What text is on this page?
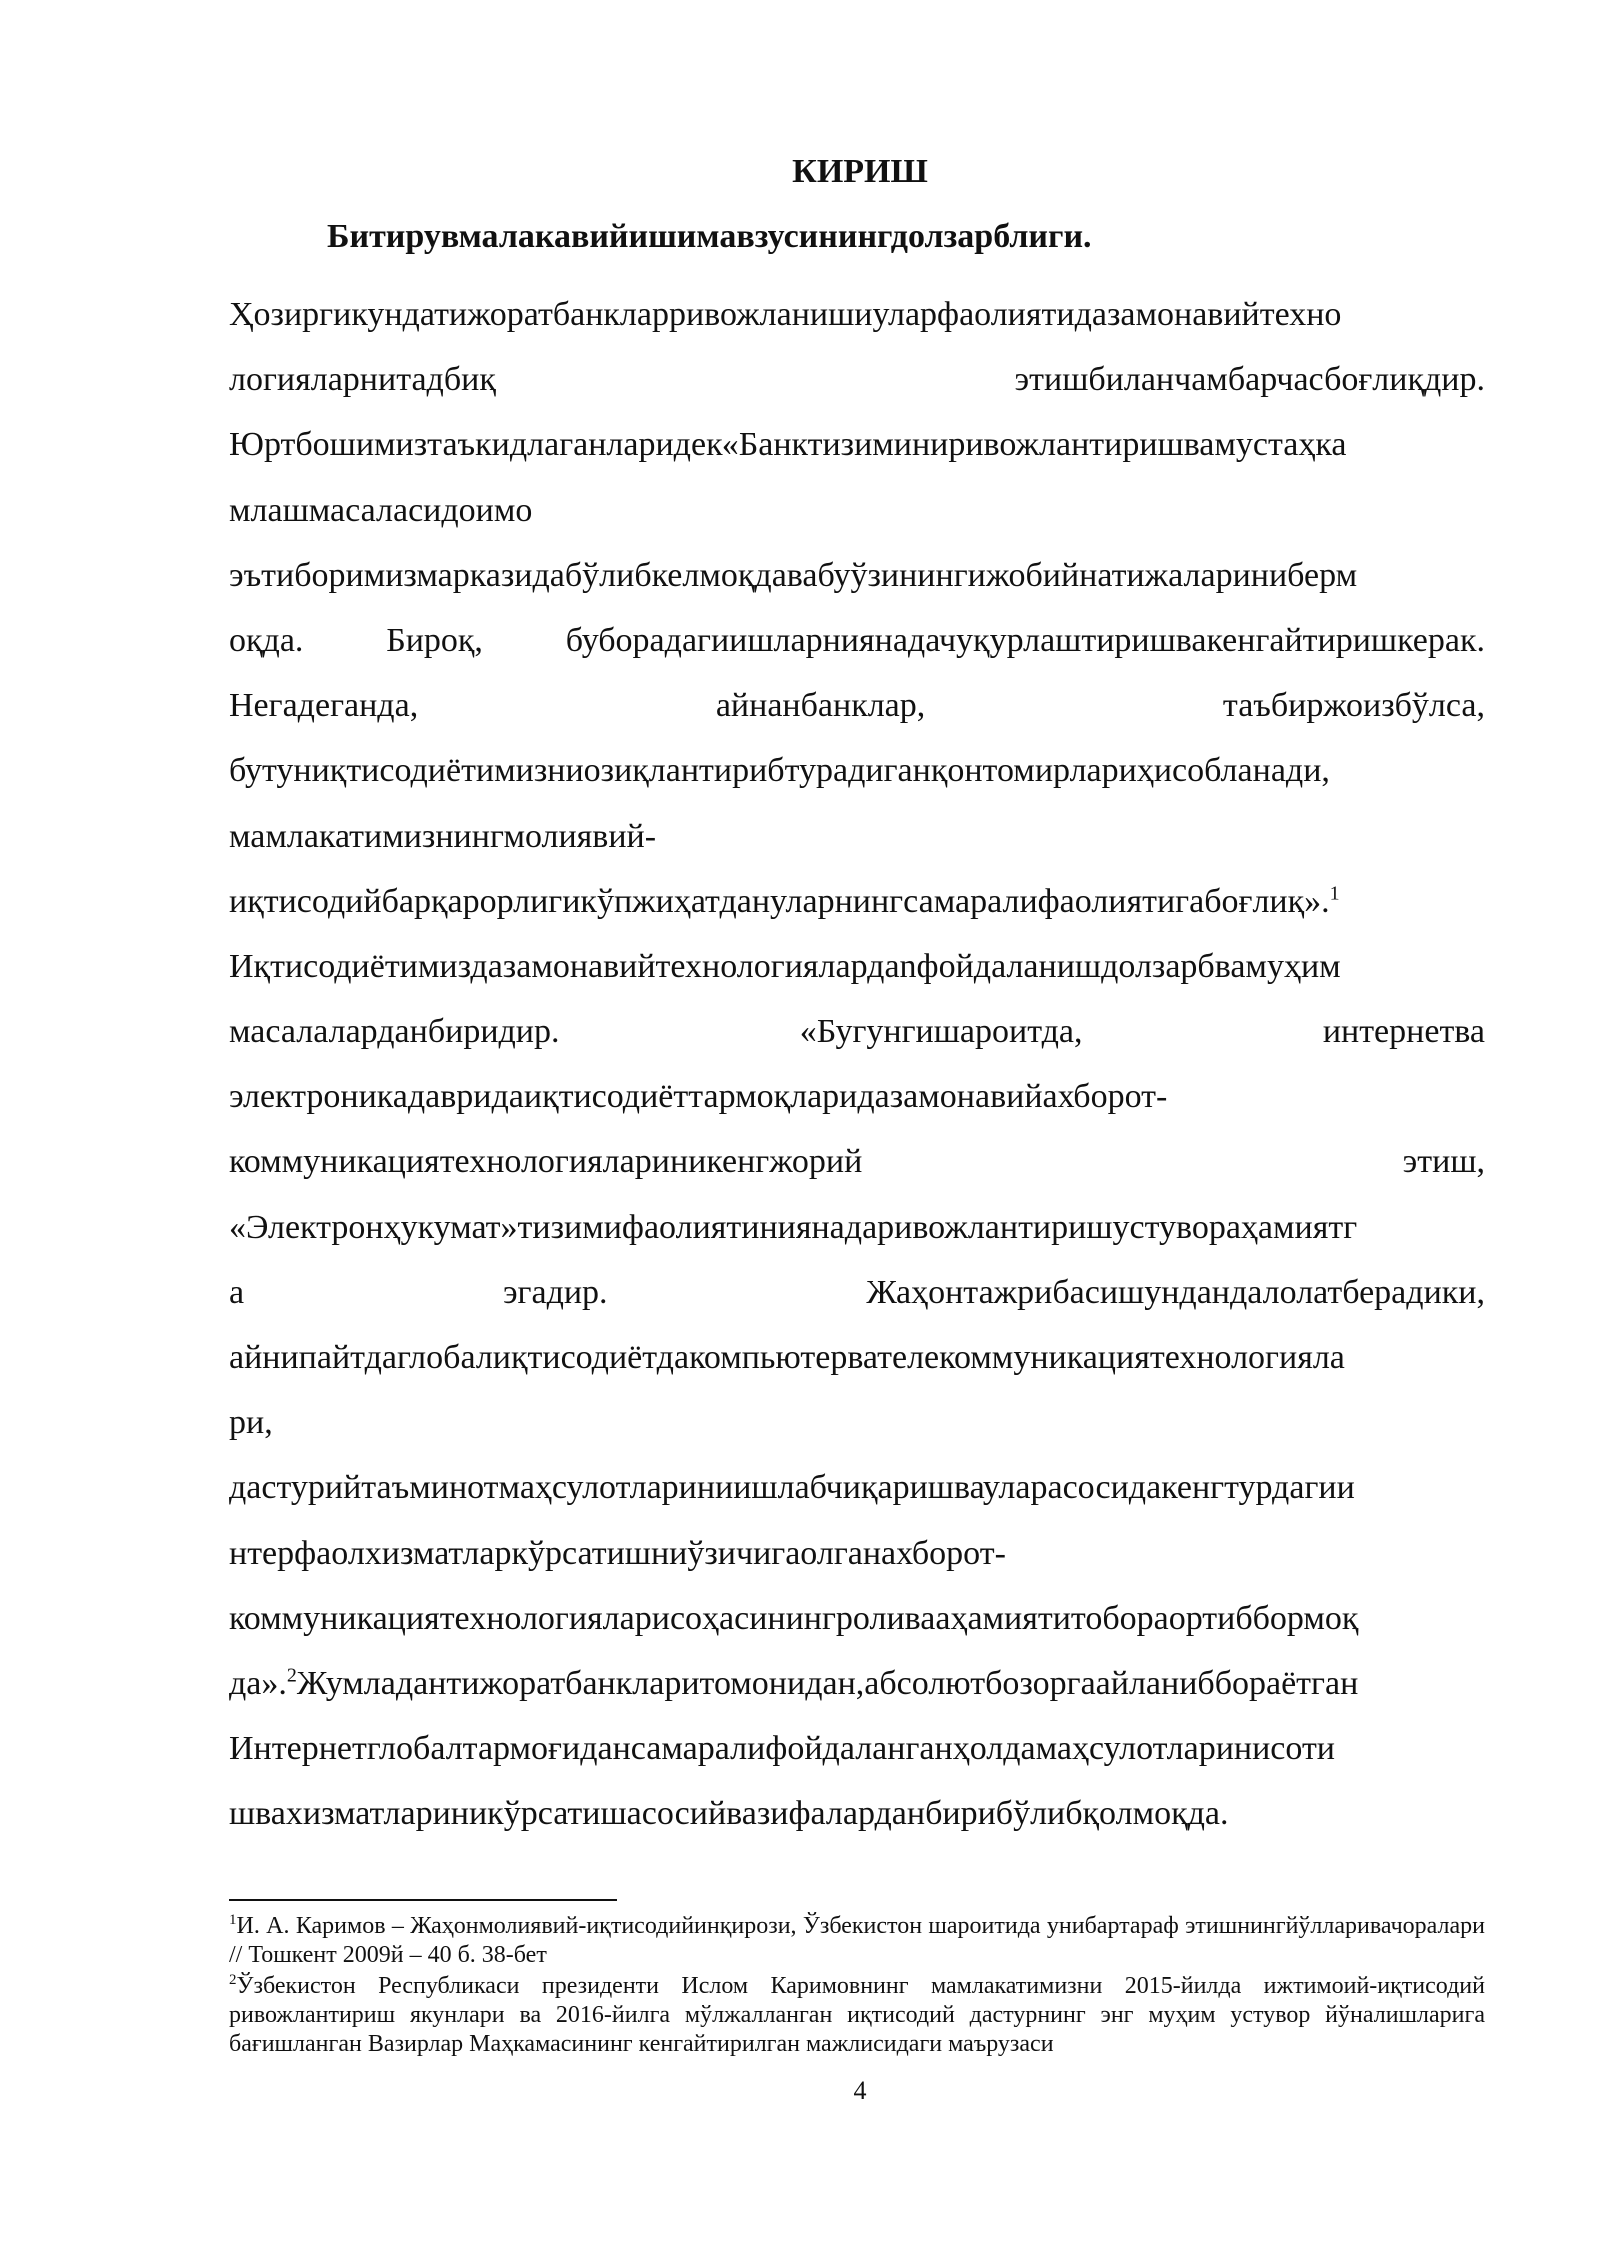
КИРИШ
Битирувмалакавийишимавзусинингдолзарблиги.
Ҳозиргикундатижоратбанкларривожланишиуларфаолиятидазамонавийтехно
логияларнитадбиқ	этишбиланчамбарчасбоғлиқдир.
Юртбошимизтаъкидлаганларидек«Банктизиминиривожлантиришвамустаҳка
млашмасаласидоимо
эътиборимизмарказидабўлибкелмоқдавабуўзинингижобийнатижалариниберм
оқда. Бироқ, буборадагиишларниянадачуқурлаштиришвакенгайтиришкерак.
Негадеганда,	айнанбанклар,	таъбиржоизбўлса,
бутуниқтисодиётимизниозиқлантирибтурадиганқонтомирлариҳисобланади,
мамлакатимизнингмолиявий-
иқтисодийбарқарорлигикўпжиҳатдануларнингсамаралифаолиятигабоғлиқ».$^1$
Иқтисодиётимиздазамонавийтехнологиялардanфойдаланишдолзарбвамуҳим
масалаларданбиридир.	«Бугунгишароитда,	интернетва
электроникадавридаиқтисодиёттармоқларидазамонавийахборот-
коммуникациятехнологиялариникенгжорий	этиш,
«Электронҳукумат»тизимифаолиятиниянадаривожлантиришустувораҳамиятг
а	эгадир.	Жаҳонтажрибасишундандалолатберадики,
айнипайтдаглобалиқтисодиётдакомпьютервателекоммуникациятехнологияла
ри,
дастурийтаъминотмаҳсулотлариниишлабчиқаришвауларасосидакенгтурдагии
нтерфаолхизматларкўрсатишниўзичигаолганахборот-
коммуникациятехнологияларисоҳасинингроливааҳамиятитобораортиббормоқ
да».$^2$Жумладантижоратбанкларитомонидан,абсолютбозоргаайланибборaётган
Интернетглобалтармоғидансамаралифойдаланганҳолдамаҳсулотларинисоти
швахизматлариникўрсатишасосийвазифаларданбирибўлибқолмоқда.

$^1$И. А. Каримов – Жаҳонмолиявий-иқтисодийинқирози, Ўзбекистон шароитида унибартараф этишнингйўлларивачоралари // Тошкент 2009й – 40 б. 38-бет

$^2$Ўзбекистон Республикаси президенти Ислом Каримовнинг мамлакатимизни 2015-йилда ижтимоий-иқтисодий ривожлантириш якунлари ва 2016-йилга мўлжалланган иқтисодий дастурнинг энг муҳим устувор йўналишларига бағишланган Вазирлар Маҳкамасининг кенгайтирилган мажлисидаги маърузаси

4
